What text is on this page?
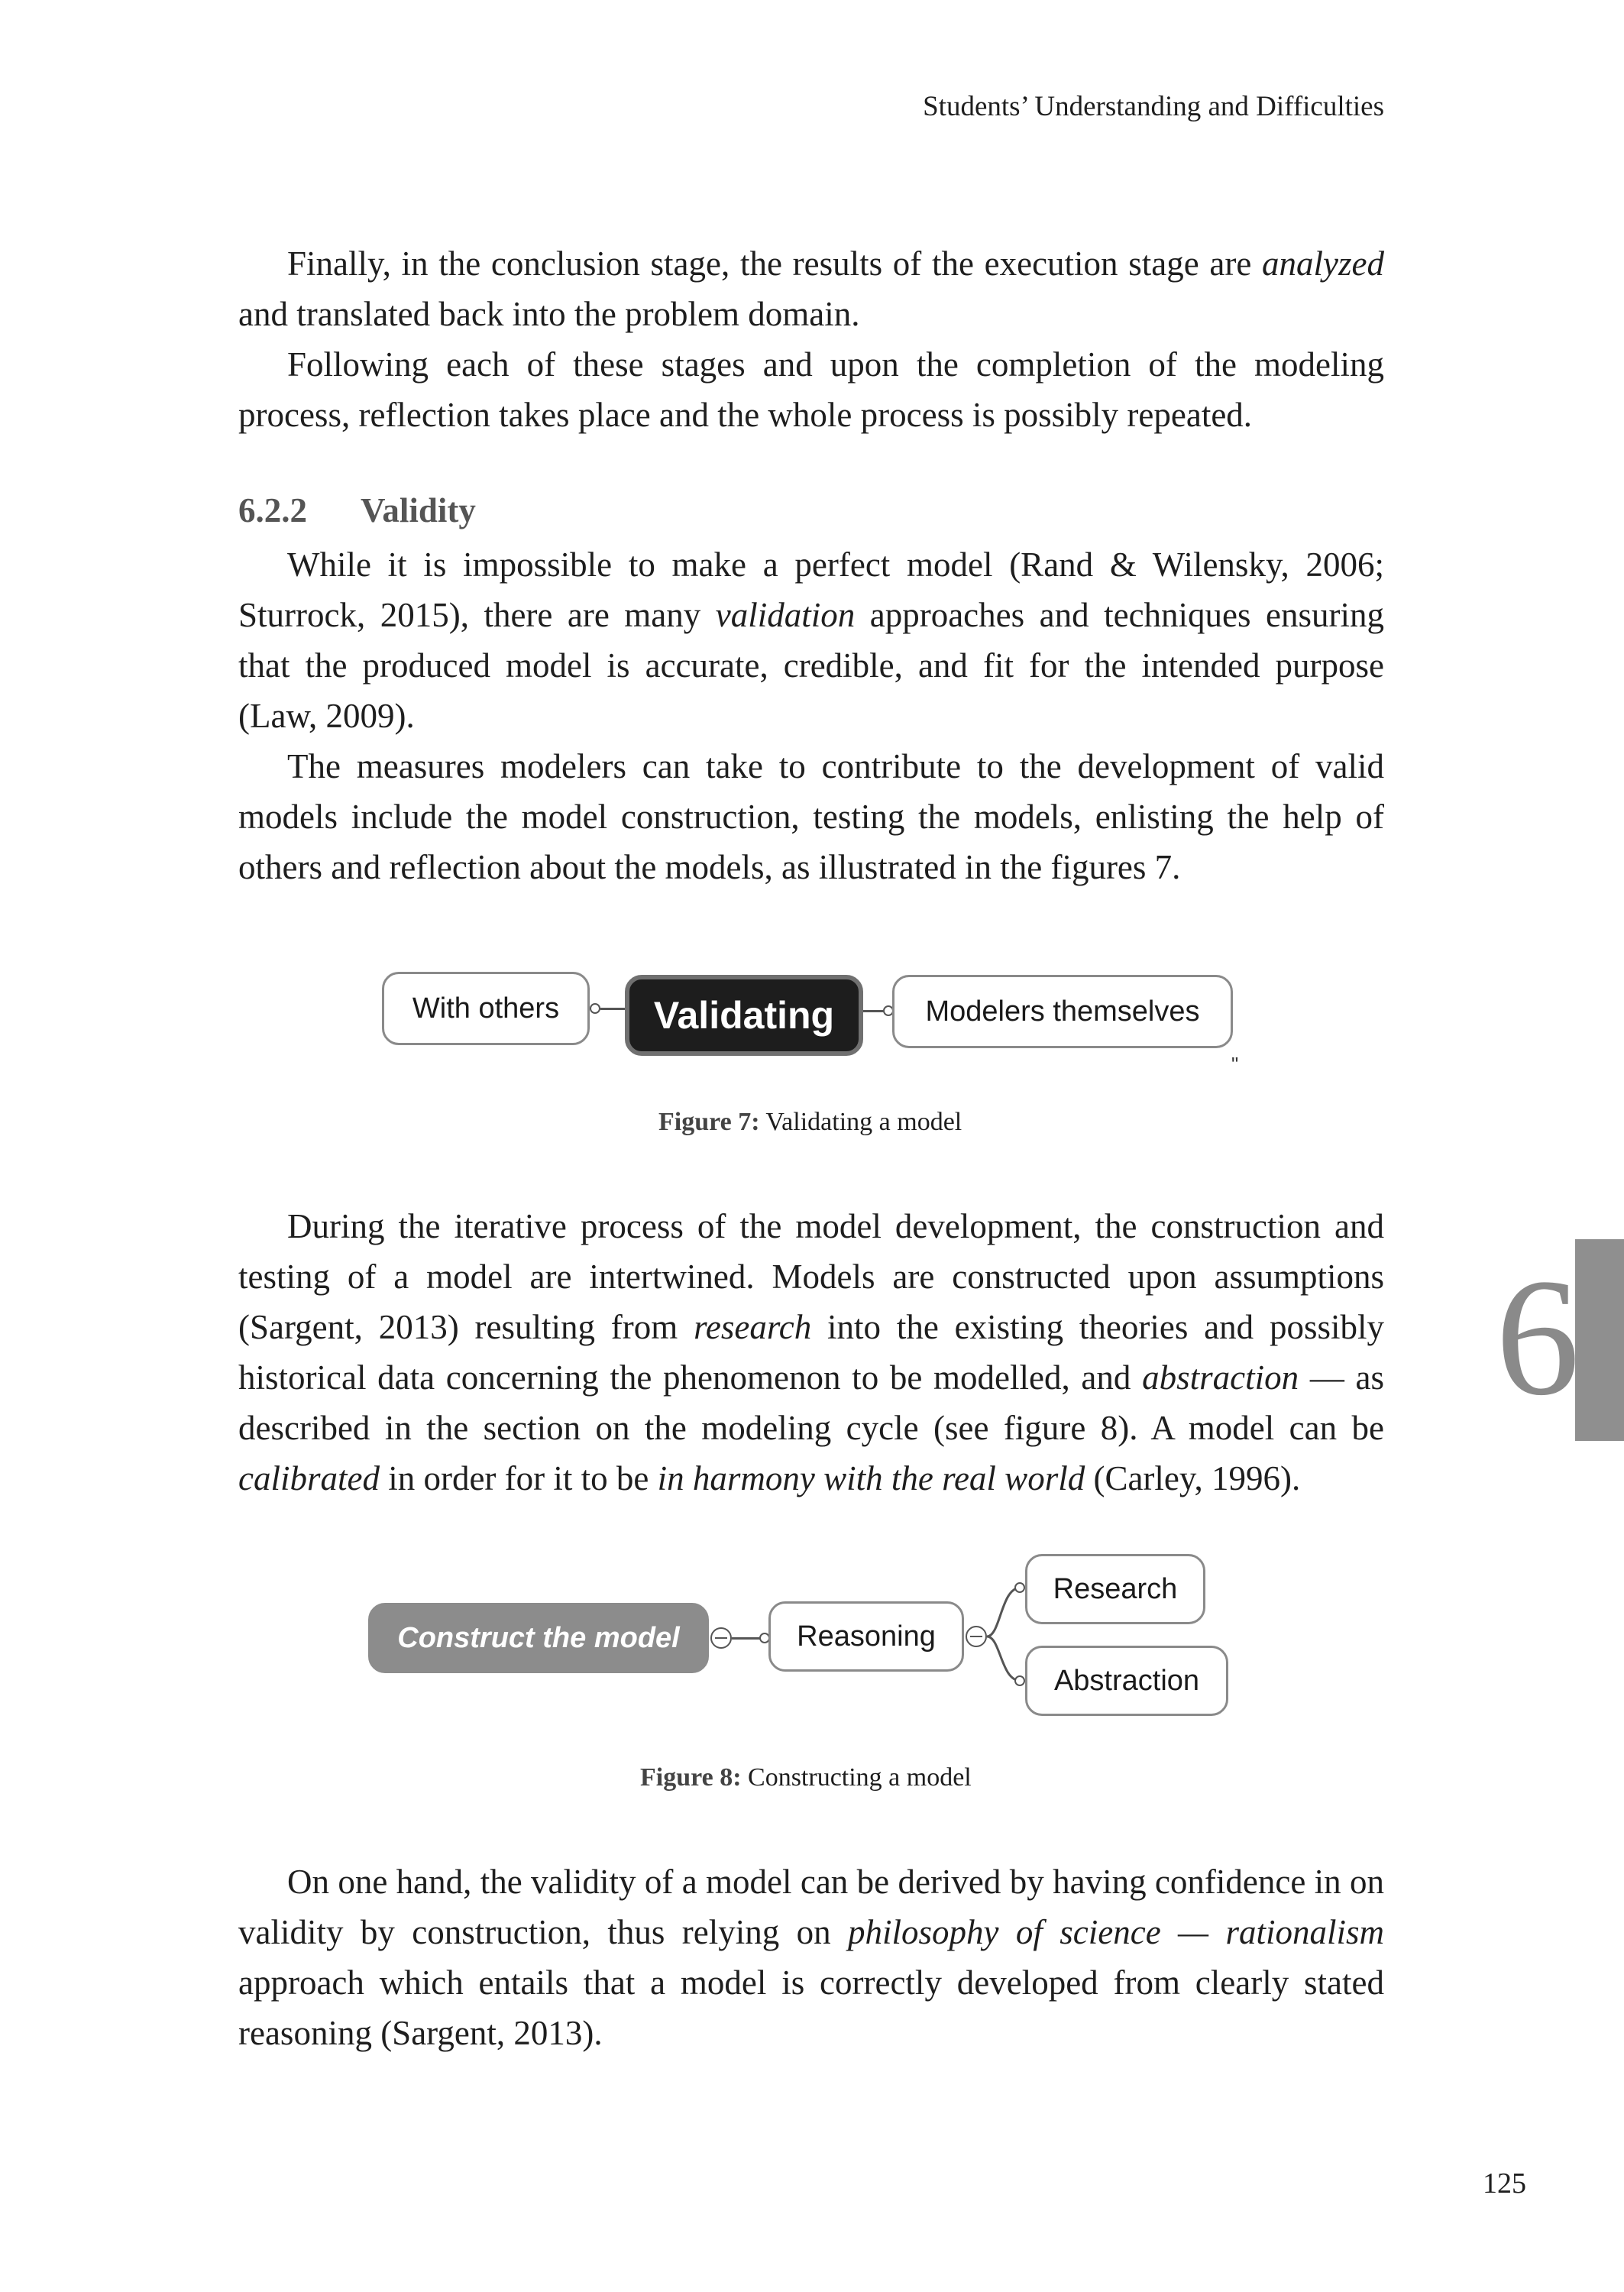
Students’ Understanding and Difficulties

Finally, in the conclusion stage, the results of the execution stage are analyzed and translated back into the problem domain.

Following each of these stages and upon the completion of the modeling process, reflection takes place and the whole process is possibly repeated.

6.2.2 Validity

While it is impossible to make a perfect model (Rand & Wilensky, 2006; Sturrock, 2015), there are many validation approaches and techniques ensuring that the produced model is accurate, credible, and fit for the intended purpose (Law, 2009).

The measures modelers can take to contribute to the development of valid models include the model construction, testing the models, enlisting the help of others and reflection about the models, as illustrated in the figures 7.

With others	Validating	Modelers themselves
"
Figure 7: Validating a model

During the iterative process of the model development, the construction and testing of a model are intertwined. Models are constructed upon assumptions (Sargent, 2013) resulting from research into the existing theories and possibly historical data concerning the phenomenon to be modelled, and abstraction — as described in the section on the modeling cycle (see figure 8). A model can be calibrated in order for it to be in harmony with the real world (Carley, 1996).

Construct the model	Reasoning
Research
Abstraction
Figure 8: Constructing a model

On one hand, the validity of a model can be derived by having confidence in on validity by construction, thus relying on philosophy of science — rationalism approach which entails that a model is correctly developed from clearly stated reasoning (Sargent, 2013).

6
125
